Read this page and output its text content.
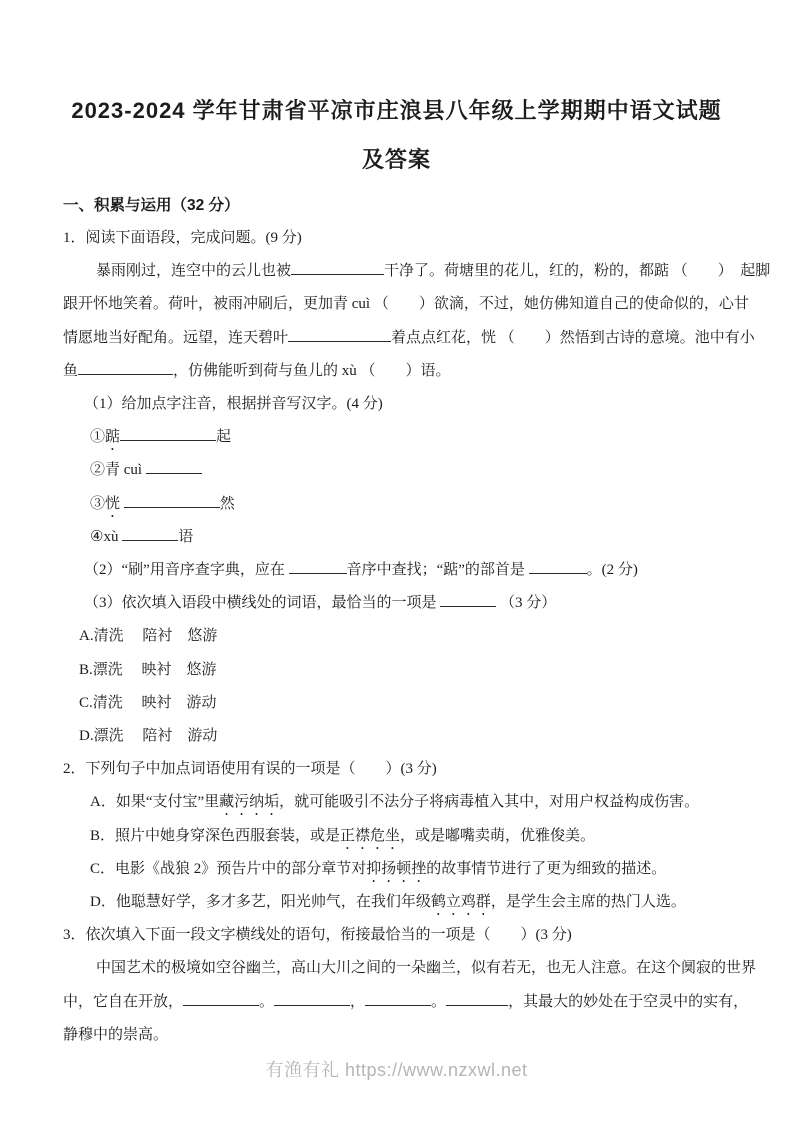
2023-2024 学年甘肃省平凉市庄浪县八年级上学期期中语文试题及答案
一、积累与运用（32 分）
1．阅读下面语段，完成问题。(9 分)
暴雨刚过，连空中的云儿也被	干净了。荷塘里的花儿，红的，粉的，都踮 （　　）　起脚
跟开怀地笑着。荷叶，被雨冲刷后，更加青 cuì （　　）欲滴，不过，她仿佛知道自己的使命似的，心甘
情愿地当好配角。远望，连天碧叶	着点点红花，恍 （　　）然悟到古诗的意境。池中有小
鱼	，仿佛能听到荷与鱼儿的 xù （　　）语。
（1）给加点字注音，根据拼音写汉字。(4 分)
①踮	起
②青 cuì
③恍	然
④xù	语
（2）“刷”用音序查字典，应在	音序中查找；“踮”的部首是	。(2 分)
（3）依次填入语段中横线处的词语，最恰当的一项是	（3 分）
A.清洗　 陪衬　悠游
B.漂洗　 映衬　悠游
C.清洗　 映衬　游动
D.漂洗　 陪衬　游动
2．下列句子中加点词语使用有误的一项是（　　）(3 分)
A．如果“支付宝”里藏污纳垢，就可能吸引不法分子将病毒植入其中，对用户权益构成伤害。
B．照片中她身穿深色西服套装，或是正襟危坐，或是嘟嘴卖萌，优雅俊美。
C．电影《战狼 2》预告片中的部分章节对抑扬顿挫的故事情节进行了更为细致的描述。
D．他聪慧好学，多才多艺，阳光帅气，在我们年级鹤立鸡群，是学生会主席的热门人选。
3．依次填入下面一段文字横线处的语句，衔接最恰当的一项是（　　）(3 分)
中国艺术的极境如空谷幽兰，高山大川之间的一朵幽兰，似有若无，也无人注意。在这个阒寂的世界
中，它自在开放，	。	，	。	，其最大的妙处在于空灵中的实有，
静穆中的崇高。
有渔有礼 https://www.nzxwl.net
